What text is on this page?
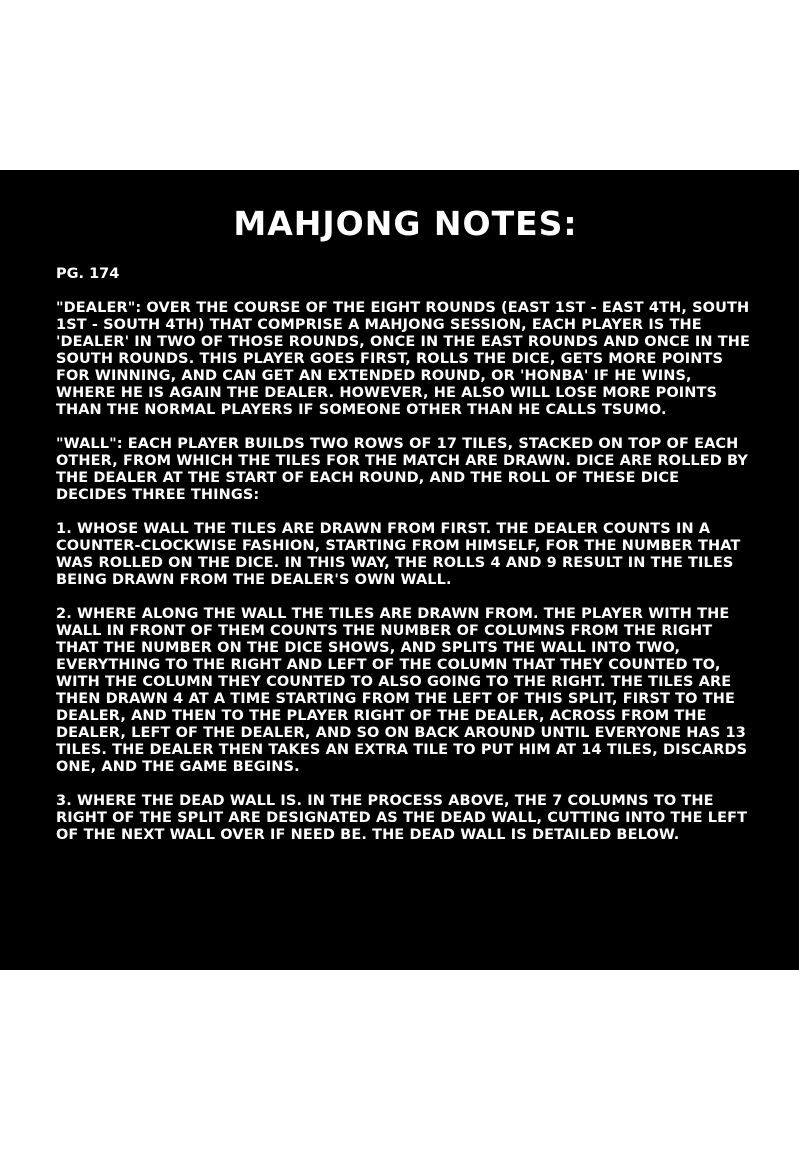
MAHJONG NOTES:

PG. 174

"DEALER": OVER THE COURSE OF THE EIGHT ROUNDS (EAST 1ST - EAST 4TH, SOUTH 1ST - SOUTH 4TH) THAT COMPRISE A MAHJONG SESSION, EACH PLAYER IS THE 'DEALER' IN TWO OF THOSE ROUNDS, ONCE IN THE EAST ROUNDS AND ONCE IN THE SOUTH ROUNDS. THIS PLAYER GOES FIRST, ROLLS THE DICE, GETS MORE POINTS FOR WINNING, AND CAN GET AN EXTENDED ROUND, OR 'HONBA' IF HE WINS, WHERE HE IS AGAIN THE DEALER. HOWEVER, HE ALSO WILL LOSE MORE POINTS THAN THE NORMAL PLAYERS IF SOMEONE OTHER THAN HE CALLS TSUMO.

"WALL": EACH PLAYER BUILDS TWO ROWS OF 17 TILES, STACKED ON TOP OF EACH OTHER, FROM WHICH THE TILES FOR THE MATCH ARE DRAWN. DICE ARE ROLLED BY THE DEALER AT THE START OF EACH ROUND, AND THE ROLL OF THESE DICE DECIDES THREE THINGS:

1. WHOSE WALL THE TILES ARE DRAWN FROM FIRST. THE DEALER COUNTS IN A COUNTER-CLOCKWISE FASHION, STARTING FROM HIMSELF, FOR THE NUMBER THAT WAS ROLLED ON THE DICE. IN THIS WAY, THE ROLLS 4 AND 9 RESULT IN THE TILES BEING DRAWN FROM THE DEALER'S OWN WALL.

2. WHERE ALONG THE WALL THE TILES ARE DRAWN FROM. THE PLAYER WITH THE WALL IN FRONT OF THEM COUNTS THE NUMBER OF COLUMNS FROM THE RIGHT THAT THE NUMBER ON THE DICE SHOWS, AND SPLITS THE WALL INTO TWO, EVERYTHING TO THE RIGHT AND LEFT OF THE COLUMN THAT THEY COUNTED TO, WITH THE COLUMN THEY COUNTED TO ALSO GOING TO THE RIGHT. THE TILES ARE THEN DRAWN 4 AT A TIME STARTING FROM THE LEFT OF THIS SPLIT, FIRST TO THE DEALER, AND THEN TO THE PLAYER RIGHT OF THE DEALER, ACROSS FROM THE DEALER, LEFT OF THE DEALER, AND SO ON BACK AROUND UNTIL EVERYONE HAS 13 TILES. THE DEALER THEN TAKES AN EXTRA TILE TO PUT HIM AT 14 TILES, DISCARDS ONE, AND THE GAME BEGINS.

3. WHERE THE DEAD WALL IS. IN THE PROCESS ABOVE, THE 7 COLUMNS TO THE RIGHT OF THE SPLIT ARE DESIGNATED AS THE DEAD WALL, CUTTING INTO THE LEFT OF THE NEXT WALL OVER IF NEED BE. THE DEAD WALL IS DETAILED BELOW.
